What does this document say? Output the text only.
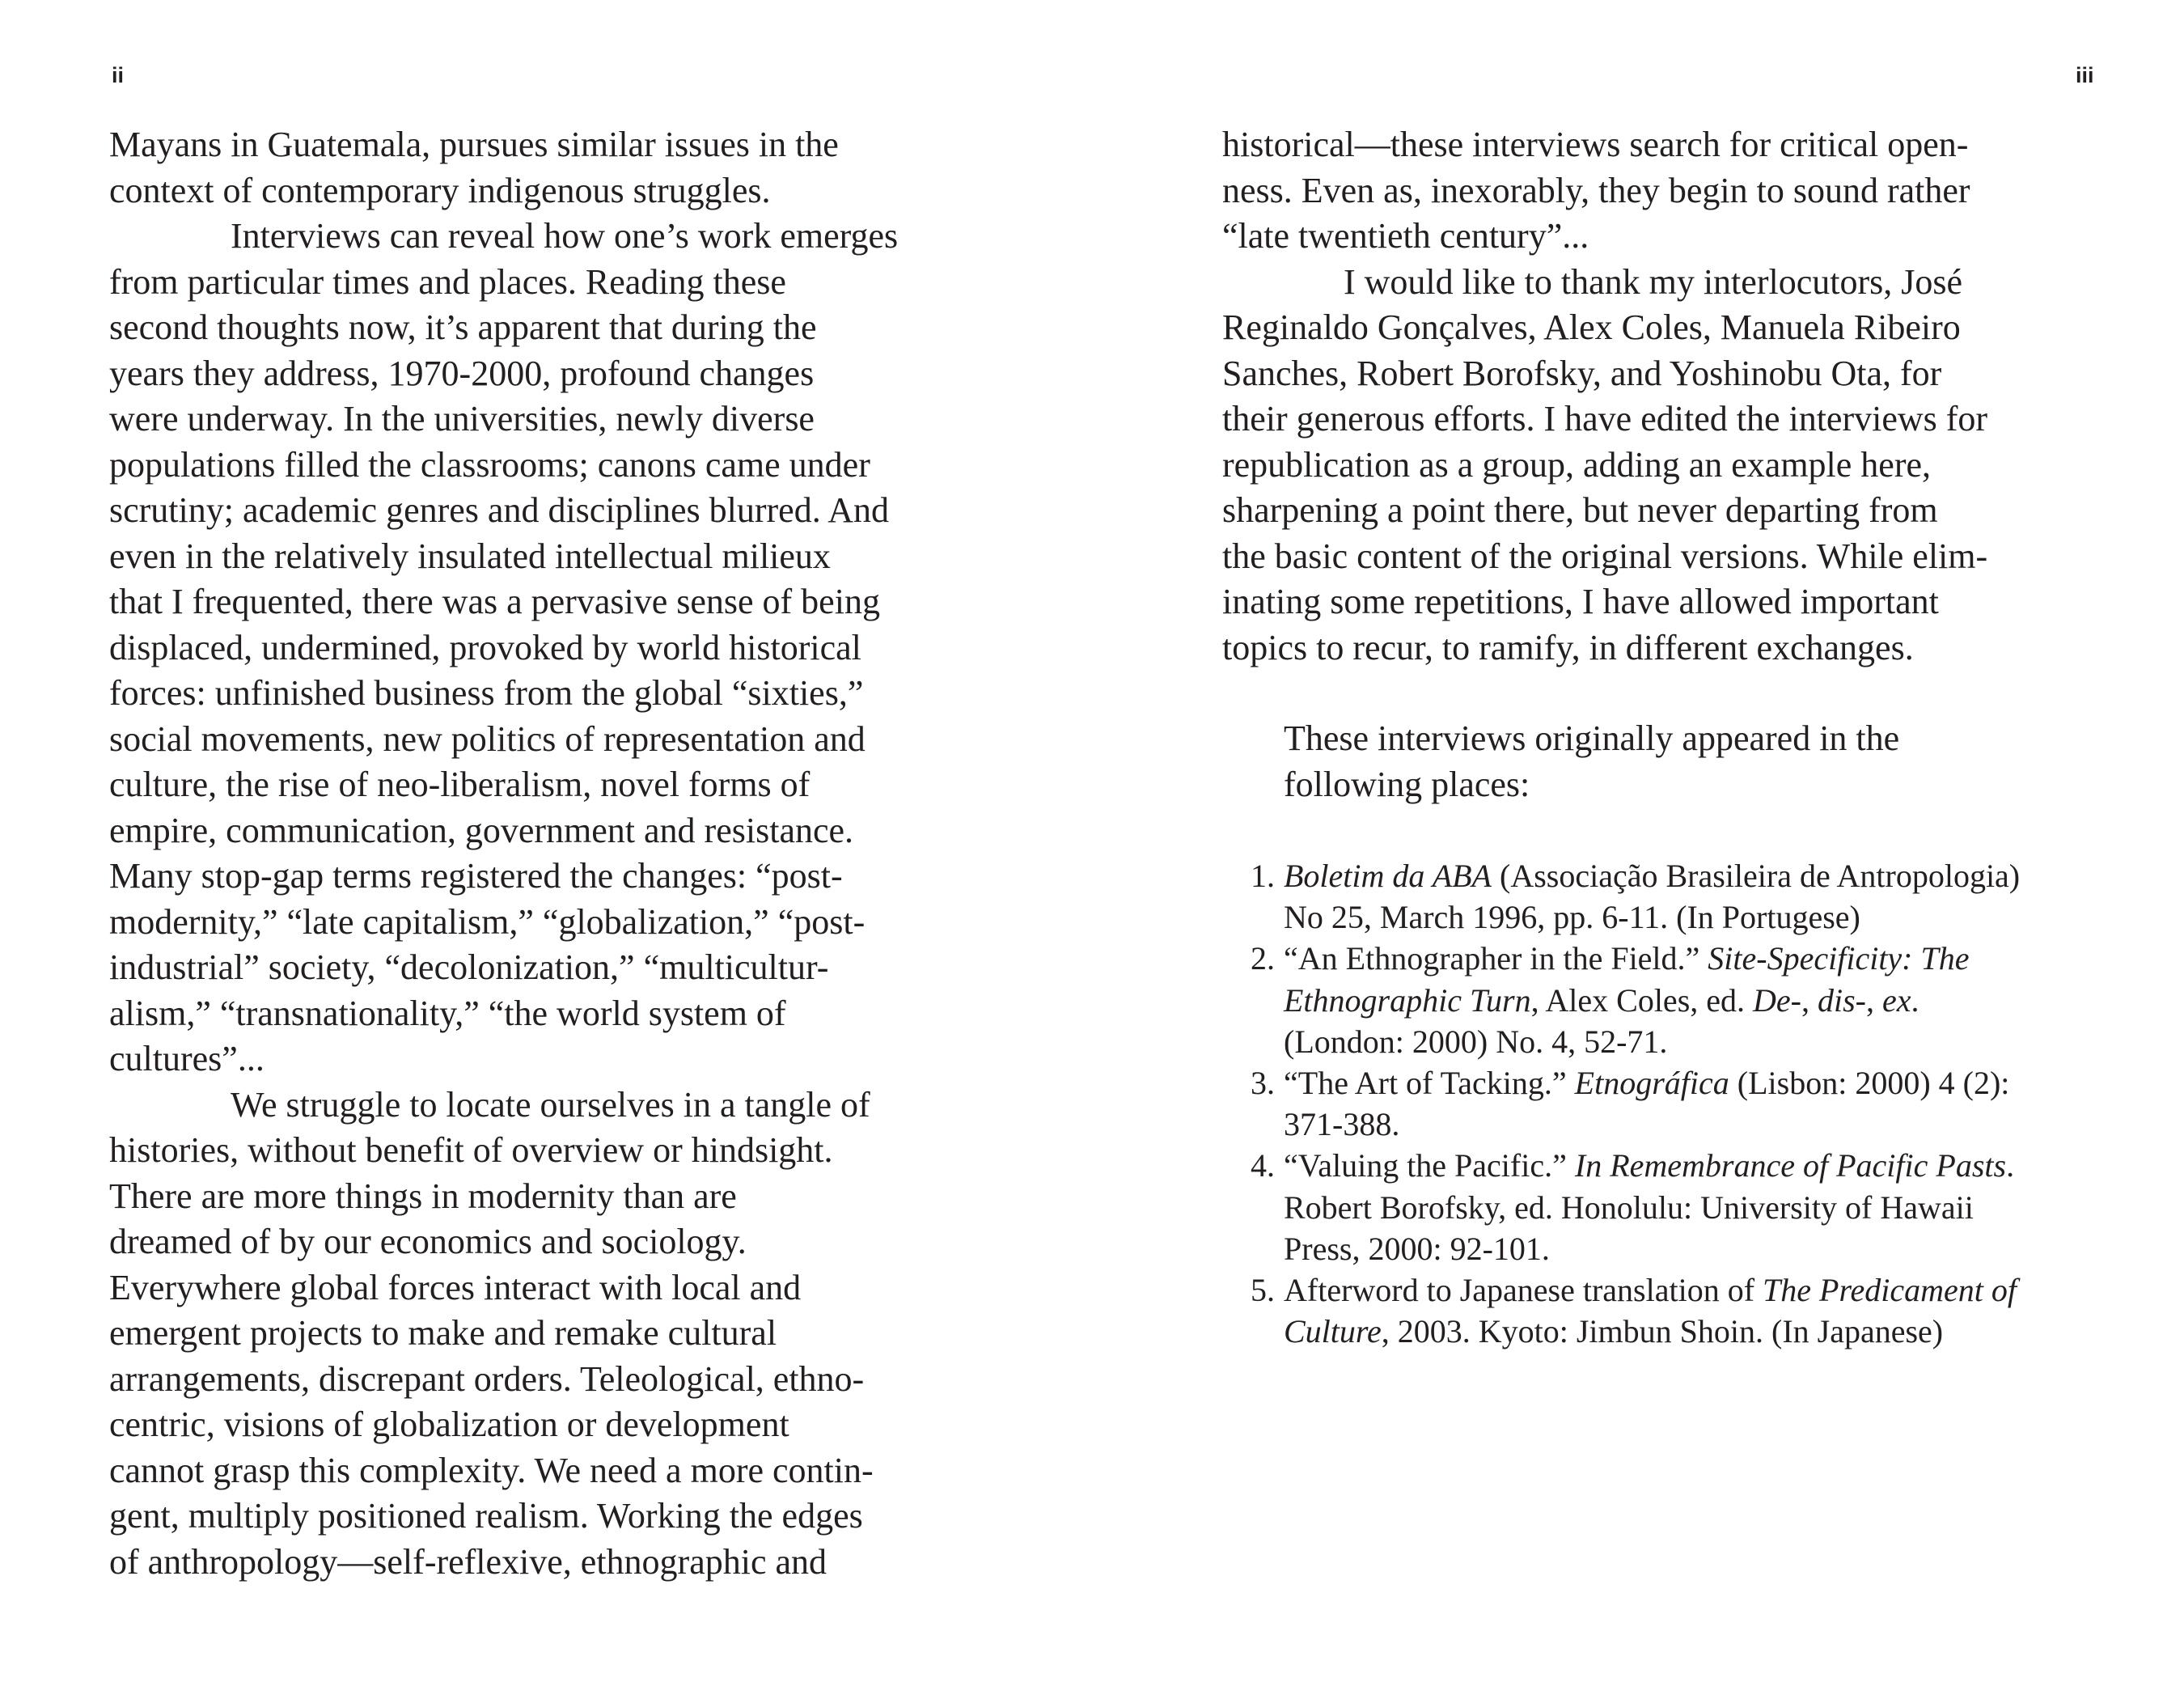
ii	iii
Mayans in Guatemala, pursues similar issues in the
context of contemporary indigenous struggles.
Interviews can reveal how one’s work emerges
from particular times and places. Reading these
second thoughts now, it’s apparent that during the
years they address, 1970-2000, profound changes
were underway. In the universities, newly diverse
populations filled the classrooms; canons came under
scrutiny; academic genres and disciplines blurred. And
even in the relatively insulated intellectual milieux
that I frequented, there was a pervasive sense of being
displaced, undermined, provoked by world historical
forces: unfinished business from the global “sixties,”
social movements, new politics of representation and
culture, the rise of neo-liberalism, novel forms of
empire, communication, government and resistance.
Many stop-gap terms registered the changes: “post-
modernity,” “late capitalism,” “globalization,” “post-
industrial” society, “decolonization,” “multicultur-
alism,” “transnationality,” “the world system of
cultures”...
We struggle to locate ourselves in a tangle of
histories, without benefit of overview or hindsight.
There are more things in modernity than are
dreamed of by our economics and sociology.
Everywhere global forces interact with local and
emergent projects to make and remake cultural
arrangements, discrepant orders. Teleological, ethno-
centric, visions of globalization or development
cannot grasp this complexity. We need a more contin-
gent, multiply positioned realism. Working the edges
of anthropology—self-reflexive, ethnographic and
historical—these interviews search for critical open-
ness. Even as, inexorably, they begin to sound rather
“late twentieth century”...
I would like to thank my interlocutors, José
Reginaldo Gonçalves, Alex Coles, Manuela Ribeiro
Sanches, Robert Borofsky, and Yoshinobu Ota, for
their generous efforts. I have edited the interviews for
republication as a group, adding an example here,
sharpening a point there, but never departing from
the basic content of the original versions. While elim-
inating some repetitions, I have allowed important
topics to recur, to ramify, in different exchanges.
These interviews originally appeared in the
following places:
1. Boletim da ABA (Associação Brasileira de Antropologia)
No 25, March 1996, pp. 6-11. (In Portugese)
2. “An Ethnographer in the Field.” Site-Specificity: The
Ethnographic Turn, Alex Coles, ed. De-, dis-, ex.
(London: 2000) No. 4, 52-71.
3. “The Art of Tacking.” Etnográfica (Lisbon: 2000) 4 (2):
371-388.
4. “Valuing the Pacific.” In Remembrance of Pacific Pasts.
Robert Borofsky, ed. Honolulu: University of Hawaii
Press, 2000: 92-101.
5. Afterword to Japanese translation of The Predicament of
Culture, 2003. Kyoto: Jimbun Shoin. (In Japanese)
